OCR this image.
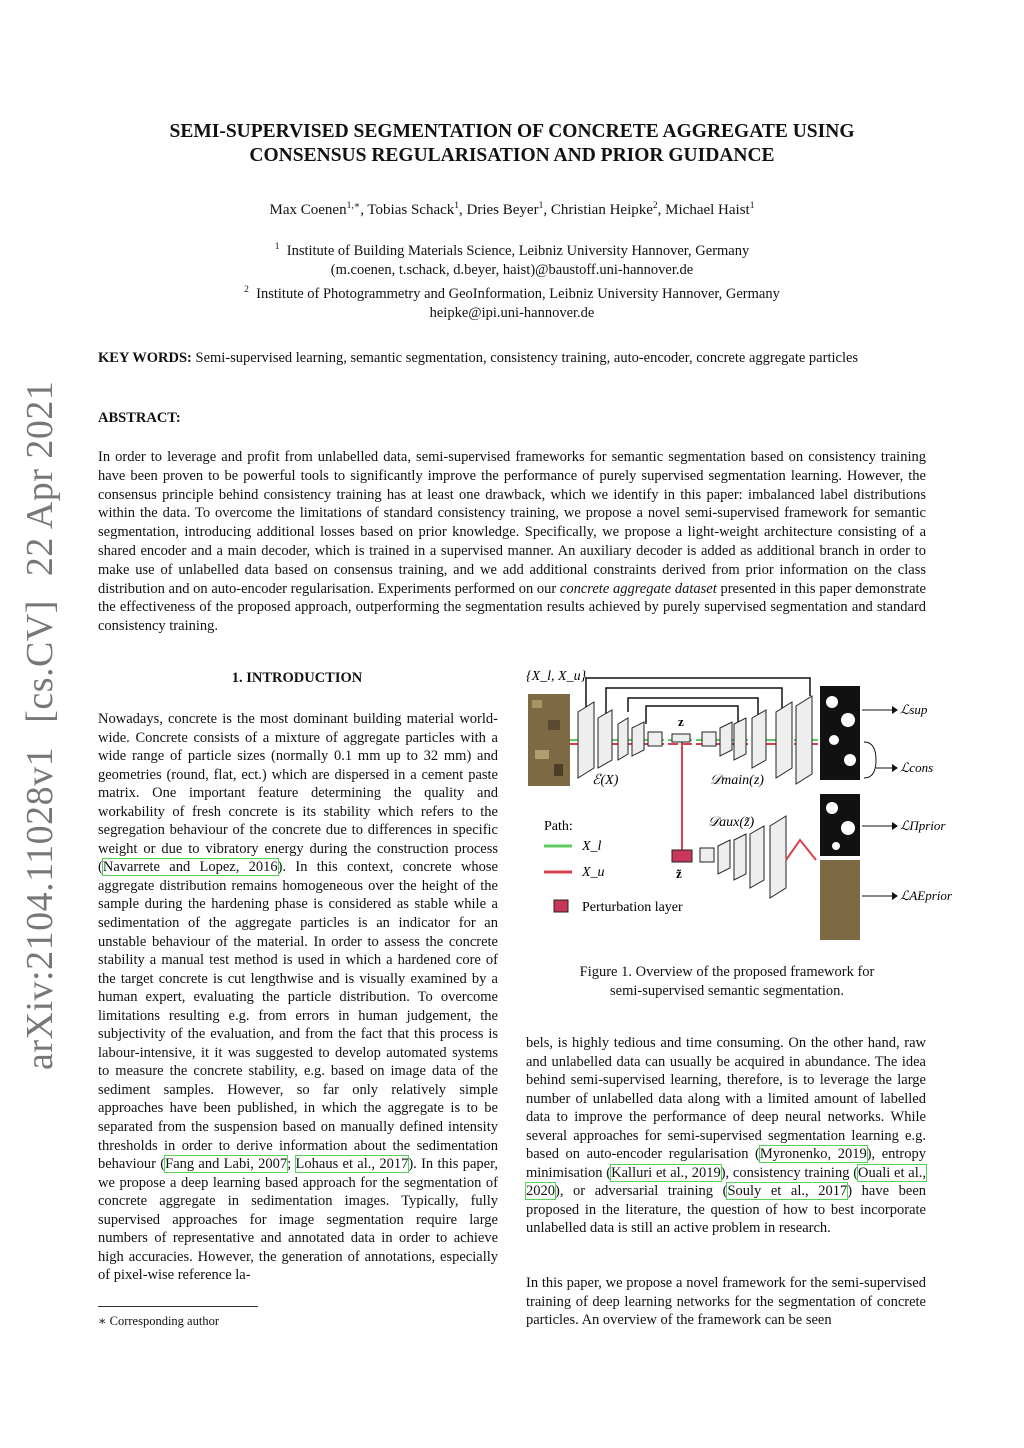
arXiv:2104.11028v1[cs.CV]22 Apr 2021
SEMI-SUPERVISED SEGMENTATION OF CONCRETE AGGREGATE USING
CONSENSUS REGULARISATION AND PRIOR GUIDANCE
Max Coenen$^{1,∗}$, Tobias Schack$^1$, Dries Beyer$^1$, Christian Heipke$^2$, Michael Haist$^1$
$^1$ Institute of Building Materials Science, Leibniz University Hannover, Germany
(m.coenen, t.schack, d.beyer, haist)@baustoff.uni-hannover.de
$^2$ Institute of Photogrammetry and GeoInformation, Leibniz University Hannover, Germany
heipke@ipi.uni-hannover.de
KEY WORDS: Semi-supervised learning, semantic segmentation, consistency training, auto-encoder, concrete aggregate particles
ABSTRACT:
In order to leverage and profit from unlabelled data, semi-supervised frameworks for semantic segmentation based on consistency training have been proven to be powerful tools to significantly improve the performance of purely supervised segmentation learning. However, the consensus principle behind consistency training has at least one drawback, which we identify in this paper: imbalanced label distributions within the data. To overcome the limitations of standard consistency training, we propose a novel semi-supervised framework for semantic segmentation, introducing additional losses based on prior knowledge. Specifically, we propose a light-weight architecture consisting of a shared encoder and a main decoder, which is trained in a supervised manner. An auxiliary decoder is added as additional branch in order to make use of unlabelled data based on consensus training, and we add additional constraints derived from prior information on the class distribution and on auto-encoder regularisation. Experiments performed on our concrete aggregate dataset presented in this paper demonstrate the effectiveness of the proposed approach, outperforming the segmentation results achieved by purely supervised segmentation and standard consistency training.
1. INTRODUCTION
Nowadays, concrete is the most dominant building material world-wide. Concrete consists of a mixture of aggregate particles with a wide range of particle sizes (normally 0.1 mm up to 32 mm) and geometries (round, flat, ect.) which are dispersed in a cement paste matrix. One important feature determining the quality and workability of fresh concrete is its stability which refers to the segregation behaviour of the concrete due to differences in specific weight or due to vibratory energy during the construction process (Navarrete and Lopez, 2016). In this context, concrete whose aggregate distribution remains homogeneous over the height of the sample during the hardening phase is considered as stable while a sedimentation of the aggregate particles is an indicator for an unstable behaviour of the material. In order to assess the concrete stability a manual test method is used in which a hardened core of the target concrete is cut lengthwise and is visually examined by a human expert, evaluating the particle distribution. To overcome limitations resulting e.g. from errors in human judgement, the subjectivity of the evaluation, and from the fact that this process is labour-intensive, it it was suggested to develop automated systems to measure the concrete stability, e.g. based on image data of the sediment samples. However, so far only relatively simple approaches have been published, in which the aggregate is to be separated from the suspension based on manually defined intensity thresholds in order to derive information about the sedimentation behaviour (Fang and Labi, 2007; Lohaus et al., 2017). In this paper, we propose a deep learning based approach for the segmentation of concrete aggregate in sedimentation images. Typically, fully supervised approaches for image segmentation require large numbers of representative and annotated data in order to achieve high accuracies. However, the generation of annotations, especially of pixel-wise reference la-
{X_l, X_u}
z
ℰ(X)	𝒟main(z)
𝒟aux(z̃)
z̃
Path:
X_l
X_u
Perturbation layer
ℒsup
ℒcons
ℒΠprior
ℒAEprior
Figure 1. Overview of the proposed framework for
semi-supervised semantic segmentation.
bels, is highly tedious and time consuming. On the other hand, raw and unlabelled data can usually be acquired in abundance. The idea behind semi-supervised learning, therefore, is to leverage the large number of unlabelled data along with a limited amount of labelled data to improve the performance of deep neural networks. While several approaches for semi-supervised segmentation learning e.g. based on auto-encoder regularisation (Myronenko, 2019), entropy minimisation (Kalluri et al., 2019), consistency training (Ouali et al., 2020), or adversarial training (Souly et al., 2017) have been proposed in the literature, the question of how to best incorporate unlabelled data is still an active problem in research.
In this paper, we propose a novel framework for the semi-supervised training of deep learning networks for the segmentation of concrete particles. An overview of the framework can be seen
∗ Corresponding author
